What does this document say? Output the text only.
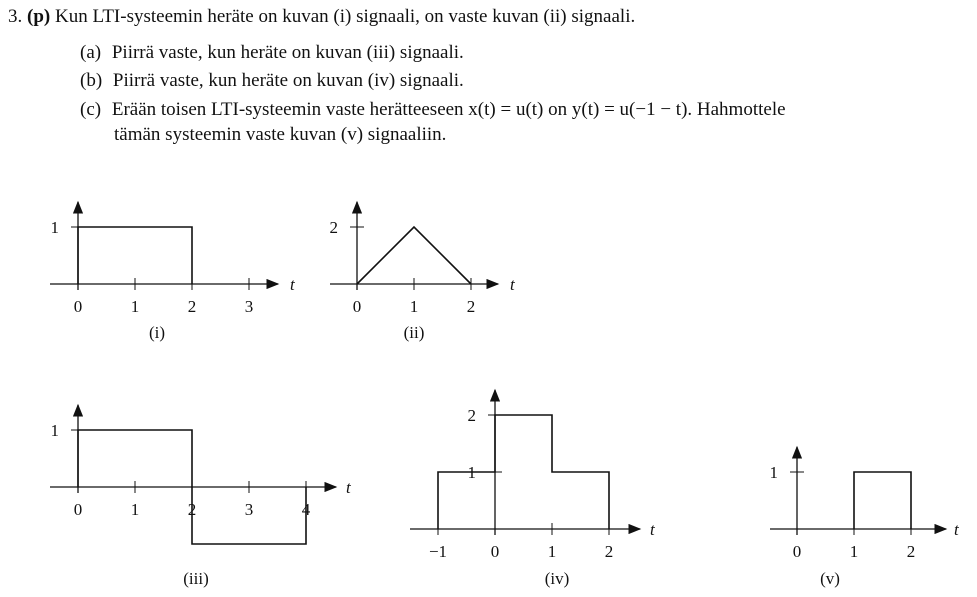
3. (p) Kun LTI-systeemin heräte on kuvan (i) signaali, on vaste kuvan (ii) signaali.
(a) Piirrä vaste, kun heräte on kuvan (iii) signaali.
(b) Piirrä vaste, kun heräte on kuvan (iv) signaali.
(c) Erään toisen LTI-systeemin vaste herätteeseen x(t) = u(t) on y(t) = u(−1 − t). Hahmottele
tämän systeemin vaste kuvan (v) signaaliin.
0	1	2	3
1
t
(i)
0	1	2
2
t
(ii)
0	1	2	3	4
1
t
(iii)
−1	0	1	2
1
2
t
(iv)
0	1	2
1
t
(v)
